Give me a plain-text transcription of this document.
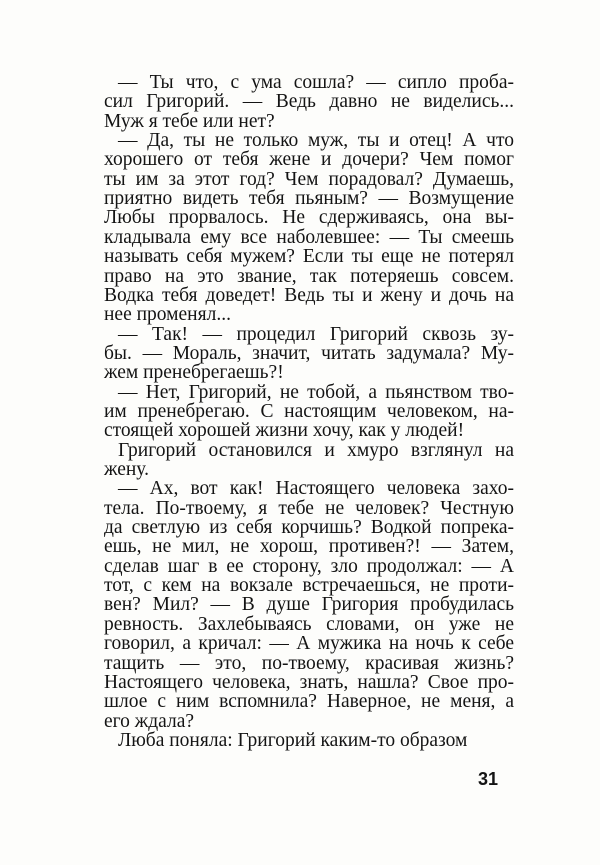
— Ты что, с ума сошла? — сипло проба-
сил Григорий. — Ведь давно не виделись...
Муж я тебе или нет?
— Да, ты не только муж, ты и отец! А что
хорошего от тебя жене и дочери? Чем помог
ты им за этот год? Чем порадовал? Думаешь,
приятно видеть тебя пьяным? — Возмущение
Любы прорвалось. Не сдерживаясь, она вы-
кладывала ему все наболевшее: — Ты смеешь
называть себя мужем? Если ты еще не потерял
право на это звание, так потеряешь совсем.
Водка тебя доведет! Ведь ты и жену и дочь на
нее променял...
— Так! — процедил Григорий сквозь зу-
бы. — Мораль, значит, читать задумала? Му-
жем пренебрегаешь?!
— Нет, Григорий, не тобой, а пьянством тво-
им пренебрегаю. С настоящим человеком, на-
стоящей хорошей жизни хочу, как у людей!
Григорий остановился и хмуро взглянул на
жену.
— Ах, вот как! Настоящего человека захо-
тела. По-твоему, я тебе не человек? Честную
да светлую из себя корчишь? Водкой попрека-
ешь, не мил, не хорош, противен?! — Затем,
сделав шаг в ее сторону, зло продолжал: — А
тот, с кем на вокзале встречаешься, не проти-
вен? Мил? — В душе Григория пробудилась
ревность. Захлебываясь словами, он уже не
говорил, а кричал: — А мужика на ночь к себе
тащить — это, по-твоему, красивая жизнь?
Настоящего человека, знать, нашла? Свое про-
шлое с ним вспомнила? Наверное, не меня, а
его ждала?
Люба поняла: Григорий каким-то образом
31
